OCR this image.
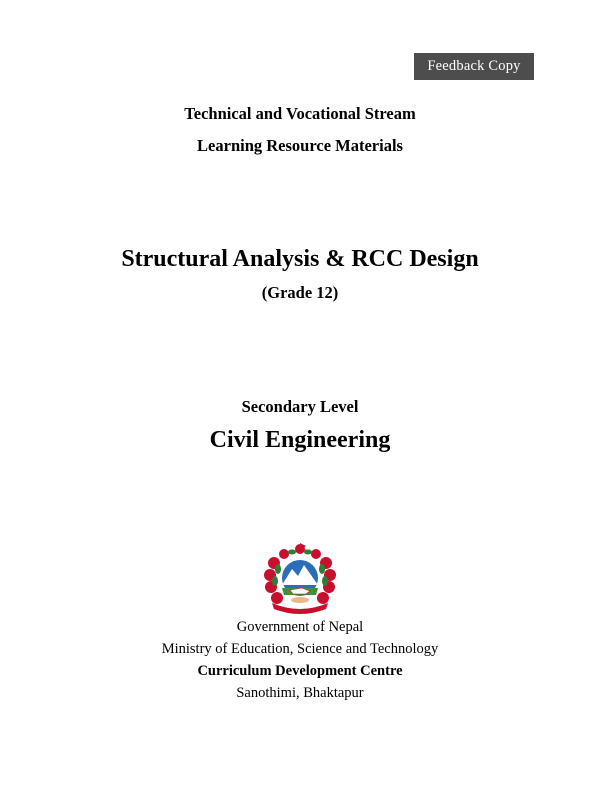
Feedback Copy
Technical and Vocational Stream
Learning Resource Materials
Structural Analysis & RCC Design
(Grade 12)
Secondary Level
Civil Engineering
Government of Nepal
Ministry of Education, Science and Technology
Curriculum Development Centre
Sanothimi, Bhaktapur
